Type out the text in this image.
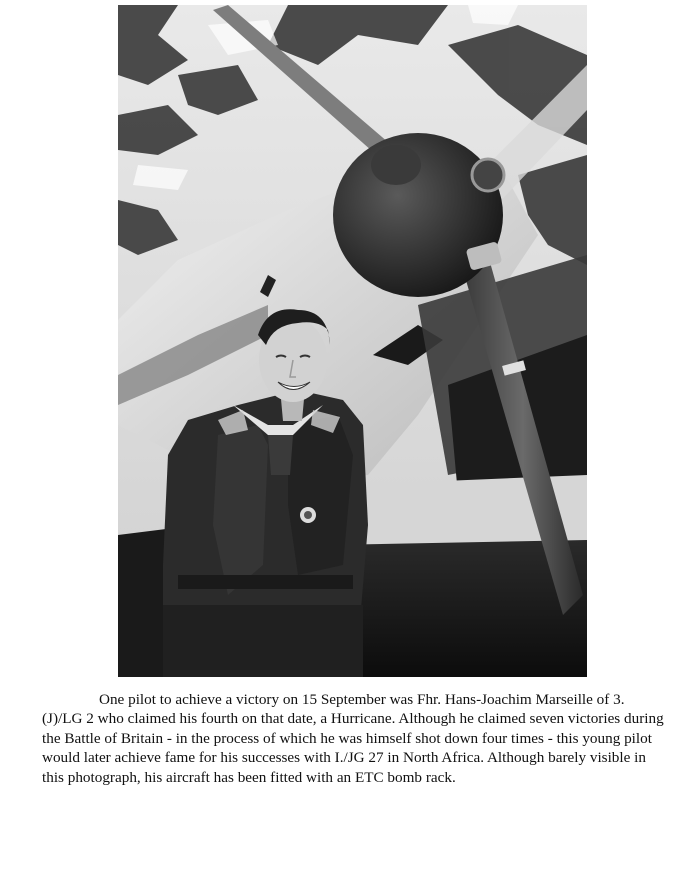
One pilot to achieve a victory on 15 September was Fhr. Hans-Joachim Marseille of 3.(J)/LG 2 who claimed his fourth on that date, a Hurricane. Although he claimed seven victories during the Battle of Britain - in the process of which he was himself shot down four times - this young pilot would later achieve fame for his successes with I./JG 27 in North Africa. Although barely visible in this photograph, his aircraft has been fitted with an ETC bomb rack.
